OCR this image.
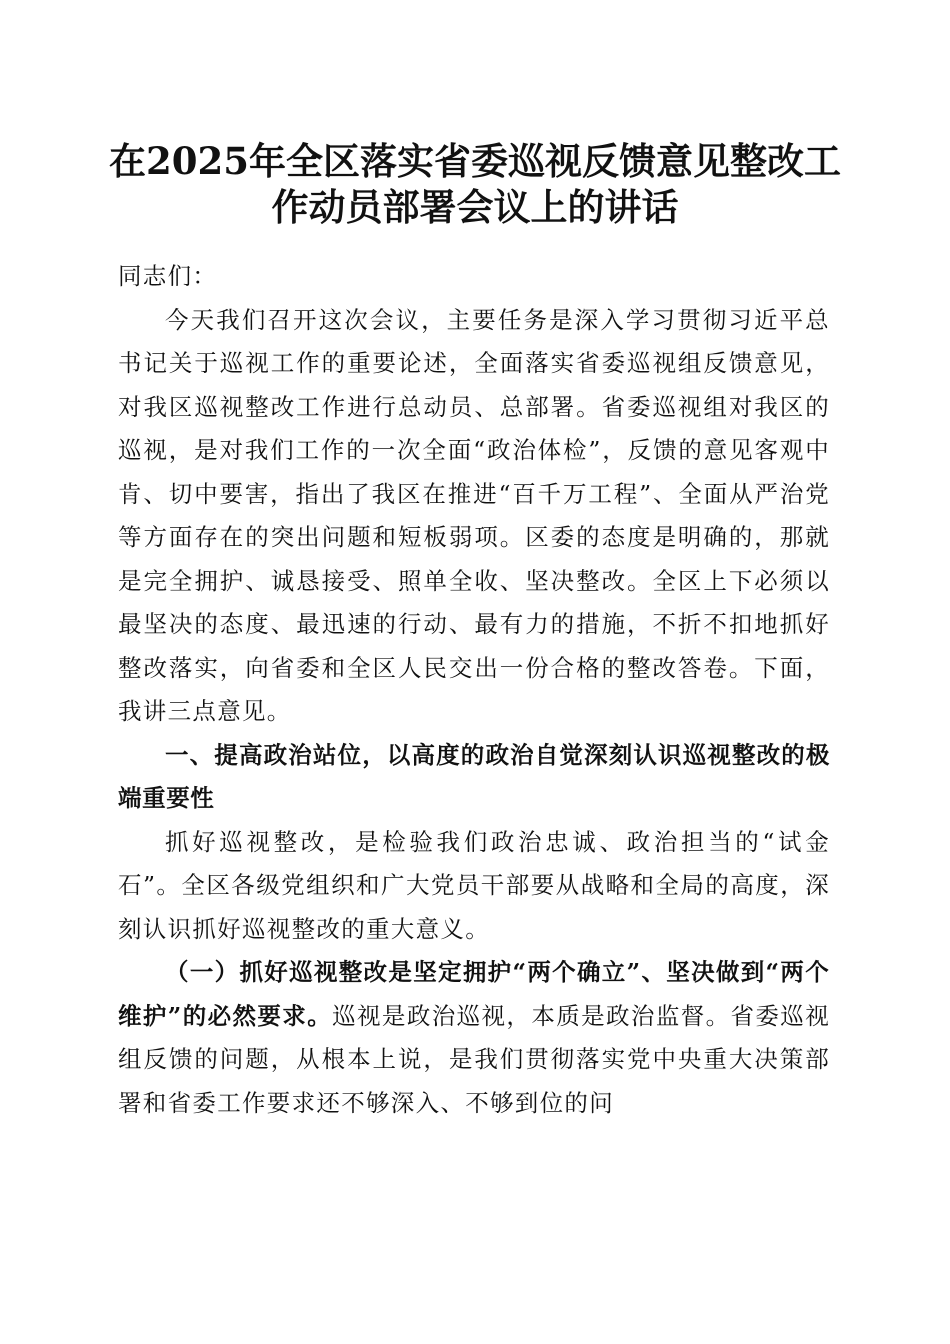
在2025年全区落实省委巡视反馈意见整改工
作动员部署会议上的讲话

同志们：

今天我们召开这次会议，主要任务是深入学习贯彻习近平总书记关于巡视工作的重要论述，全面落实省委巡视组反馈意见，对我区巡视整改工作进行总动员、总部署。省委巡视组对我区的巡视，是对我们工作的一次全面“政治体检”，反馈的意见客观中肯、切中要害，指出了我区在推进“百千万工程”、全面从严治党等方面存在的突出问题和短板弱项。区委的态度是明确的，那就是完全拥护、诚恳接受、照单全收、坚决整改。全区上下必须以最坚决的态度、最迅速的行动、最有力的措施，不折不扣地抓好整改落实，向省委和全区人民交出一份合格的整改答卷。下面，我讲三点意见。

一、提高政治站位，以高度的政治自觉深刻认识巡视整改的极端重要性

抓好巡视整改，是检验我们政治忠诚、政治担当的“试金石”。全区各级党组织和广大党员干部要从战略和全局的高度，深刻认识抓好巡视整改的重大意义。

（一）抓好巡视整改是坚定拥护“两个确立”、坚决做到“两个维护”的必然要求。巡视是政治巡视，本质是政治监督。省委巡视组反馈的问题，从根本上说，是我们贯彻落实党中央重大决策部署和省委工作要求还不够深入、不够到位的问
